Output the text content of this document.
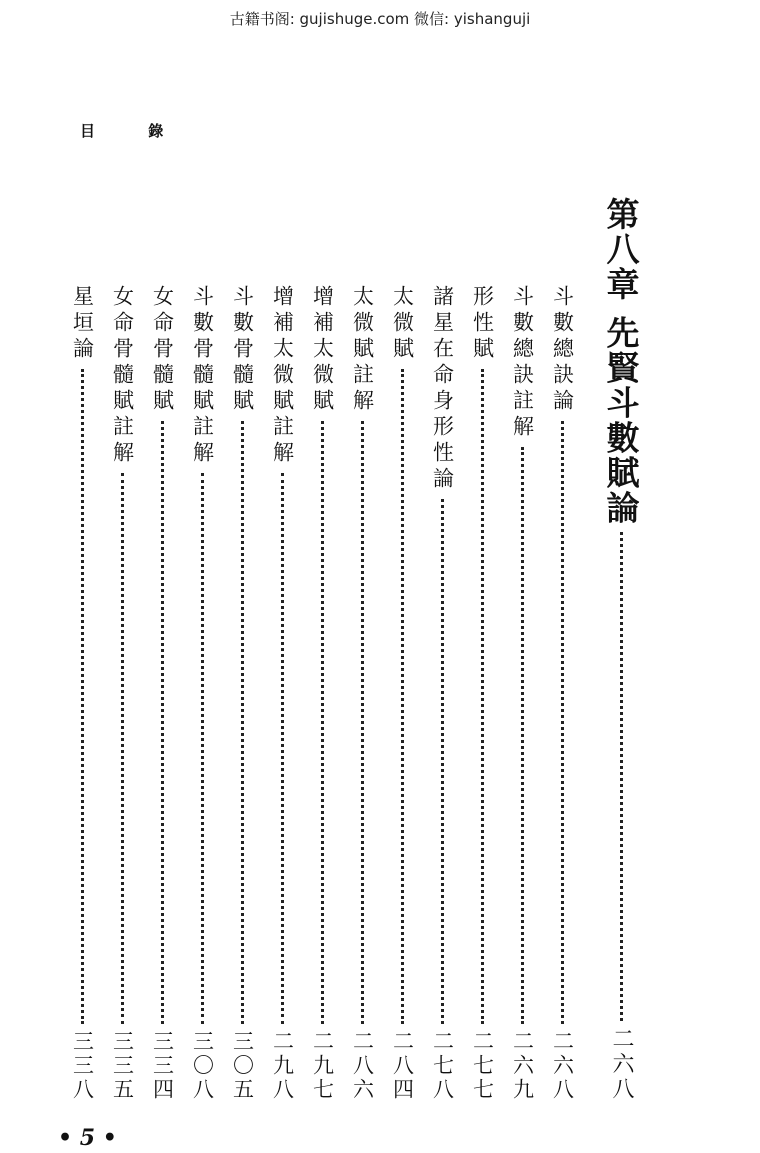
古籍书阁: gujishuge.com 微信: yishanguji
目 錄
第八章 先賢斗數賦論
二六八
斗數總訣論
二六八
斗數總訣註解
二六九
形性賦
二七七
諸星在命身形性論
二七八
太微賦
二八四
太微賦註解
二八六
增補太微賦
二九七
增補太微賦註解
二九八
斗數骨髓賦
三〇五
斗數骨髓賦註解
三〇八
女命骨髓賦
三三四
女命骨髓賦註解
三三五
星垣論
三三八
• 5 •
